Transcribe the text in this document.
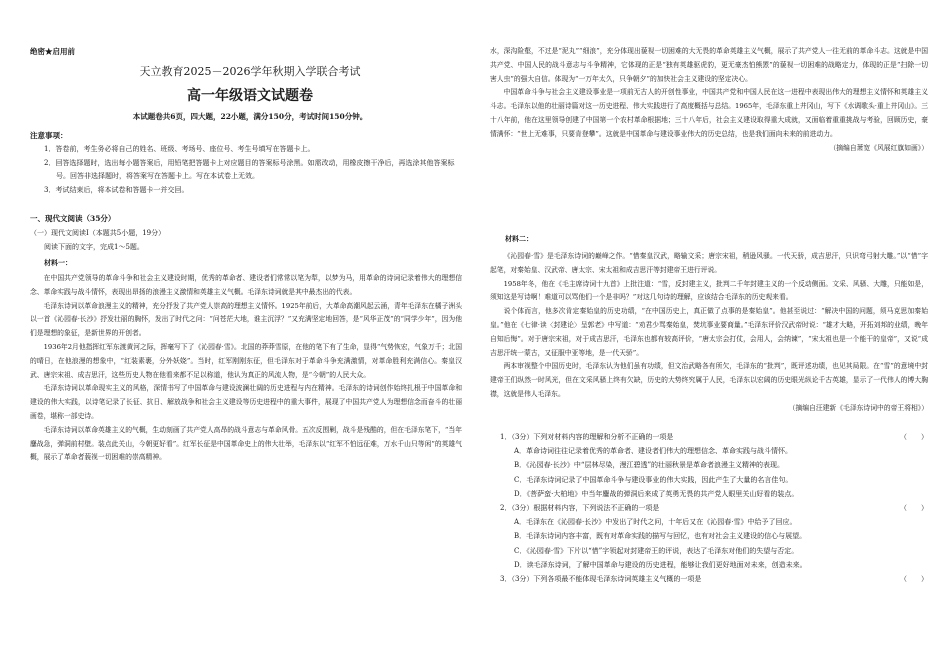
绝密★启用前
天立教育2025－2026学年秋期入学联合考试
高一年级语文试题卷
本试题卷共6页，四大题，22小题，满分150分，考试时间150分钟。
注意事项：

1．答卷前，考生务必将自己的姓名、班级、考场号、座位号、考生号填写在答题卡上。

2．回答选择题时，选出每小题答案后，用铅笔把答题卡上对应题目的答案标号涂黑。如需改动，用橡皮擦干净后，再选涂其他答案标号。回答非选择题时，将答案写在答题卡上。写在本试卷上无效。

3．考试结束后，将本试卷和答题卡一并交回。

一、现代文阅读（35分）
（一）现代文阅读Ⅰ（本题共5小题，19分）
阅读下面的文字，完成1～5题。
材料一：

在中国共产党领导的革命斗争和社会主义建设时期，优秀的革命者、建设者们常常以笔为犁，以梦为马，用革命的诗词记录着伟大的理想信念、革命实践与战斗情怀，表现出昂扬的浪漫主义激情和英雄主义气概。毛泽东诗词就是其中最杰出的代表。

毛泽东诗词以革命浪漫主义的精神，充分抒发了共产党人崇高的理想主义情怀。1925年前后，大革命高潮风起云涌，青年毛泽东在橘子洲头以一首《沁园春·长沙》抒发壮丽的胸怀，发出了时代之问：“问苍茫大地，谁主沉浮？”又充满坚定地回答，是“风华正茂”的“同学少年”，因为他们是理想的象征，是新世界的开创者。

1936年2月他指挥红军东渡黄河之际，挥毫写下了《沁园春·雪》。北国的莽莽雪原，在他的笔下有了生命，显得“气势恢宏，气象万千；北国的晴日，在他浪漫的想象中，“红装素裹，分外妖娆”。当时，红军刚刚东征，但毛泽东对于革命斗争充满激情，对革命胜利充满信心。秦皇汉武、唐宗宋祖、成吉思汗，这些历史人物在他看来都不足以称道，他认为真正的风流人物，是“今朝”的人民大众。

毛泽东诗词以革命现实主义的风格，深情书写了中国革命与建设波澜壮阔的历史进程与内在精神。毛泽东的诗词创作始终扎根于中国革命和建设的伟大实践，以诗笔记录了长征、抗日、解放战争和社会主义建设等历史进程中的重大事件，展现了中国共产党人为理想信念而奋斗的壮丽画卷，堪称一部史诗。

毛泽东诗词以革命英雄主义的气概，生动刻画了共产党人高昂的战斗意志与革命风骨。五次反围剿，战斗是残酷的，但在毛泽东笔下，“当年鏖战急，弹洞前村壁。装点此关山，今朝更好看”。红军长征是中国革命史上的伟大壮举，毛泽东以“红军不怕远征难，万水千山只等闲”的英雄气概，展示了革命者藐视一切困难的崇高精神。

水，深沟险壑，不过是“泥丸”“细浪”，充分体现出藐视一切困难的大无畏的革命英雄主义气概，展示了共产党人一往无前的革命斗志。这就是中国共产党、中国人民的战斗意志与斗争精神，它体现的正是“独有英雄驱虎豹，更无豪杰怕熊罴”的藐视一切困难的战略定力，体现的正是“扫除一切害人虫”的强大自信。体现为“一万年太久，只争朝夕”的加快社会主义建设的坚定决心。

中国革命斗争与社会主义建设事业是一项前无古人的开创性事业，中国共产党和中国人民在这一进程中表现出伟大的理想主义情怀和英雄主义斗志。毛泽东以他的壮丽诗篇对这一历史进程、伟大实践进行了高度概括与总结。1965年，毛泽东重上井冈山，写下《水调歌头·重上井冈山》。三十八年前，他在这里领导创建了中国第一个农村革命根据地；三十八年后，社会主义建设取得重大成就，又面临着重重挑战与考验，回顾历史，豪情满怀：“世上无难事，只要肯登攀”。这就是中国革命与建设事业伟大的历史总结，也是我们面向未来的前进动力。

（摘编自萧宽《风展红旗如画》）

材料二：

《沁园春·雪》是毛泽东诗词的巅峰之作。“惜秦皇汉武，略输文采；唐宗宋祖，稍逊风骚。一代天骄，成吉思汗，只识弯弓射大雕。”以“惜”字起笔，对秦始皇、汉武帝、唐太宗、宋太祖和成吉思汗等封建帝王进行评说。

1958年冬，他在《毛主席诗词十九首》上批注道：“雪，反封建主义，批判二千年封建主义的一个反动侧面。文采、风骚、大雕，只能如是，须知这是写诗啊！难道可以骂他们一个是非吗？”对这几句诗的理解，应该结合毛泽东的历史观来看。

说个体而言，他多次肯定秦始皇的历史功绩，“在中国历史上，真正做了点事的是秦始皇”。他甚至说过：“解决中国的问题，须马克思加秦始皇。”他在《七律·读〈封建论〉呈郭老》中写道：“劝君少骂秦始皇，焚坑事业要商量。”毛泽东评价汉武帝时说：“雄才大略，开拓刘邦的业绩，晚年自知后悔”。对于唐宗宋祖，对于成吉思汗，毛泽东也都有较高评价，“唐太宗会打仗，会用人，会纳谏”，“宋太祖也是一个能干的皇帝”，又说“成吉思汗统一蒙古，又征服中亚等地，是一代天骄”。

两本审视整个中国历史时，毛泽东认为他们虽有功绩，但文治武略各有所欠，毛泽东的“批判”，既评述功绩，也见其局限。在“雪”的意境中封建帝王们纵然一时风光，但在文采风骚上终有欠缺，历史的大势终究属于人民，毛泽东以宏阔的历史眼光纵论千古英雄，显示了一代伟人的博大胸襟，这就是伟人毛泽东。

（摘编自汪建新《毛泽东诗词中的帝王将相》）

1．（3分）下列对材料内容的理解和分析不正确的一项是	（　　）

A．革命诗词往往记录着优秀的革命者、建设者们伟大的理想信念、革命实践与战斗情怀。

B．《沁园春·长沙》中“层林尽染，漫江碧透”的壮丽秋景是革命者浪漫主义精神的表现。

C．毛泽东诗词记录了中国革命斗争与建设事业的伟大实践，因此产生了大量的名言佳句。

D．《菩萨蛮·大柏地》中当年鏖战的弹洞后来成了英勇无畏的共产党人眼里关山好看的装点。

2．（3分）根据材料内容，下列说法不正确的一项是	（　　）

A．毛泽东在《沁园春·长沙》中发出了时代之问，十年后又在《沁园春·雪》中给予了回应。

B．毛泽东诗词内容丰富，既有对革命实践的描写与回忆，也有对社会主义建设的信心与展望。

C．《沁园春·雪》下片以“惜”字领起对封建帝王的评说，表达了毛泽东对他们的失望与否定。

D．读毛泽东诗词，了解中国革命与建设的历史进程，能够让我们更好地面对未来，创造未来。

3．（3分）下列各项最不能体现毛泽东诗词英雄主义气概的一项是	（　　）
